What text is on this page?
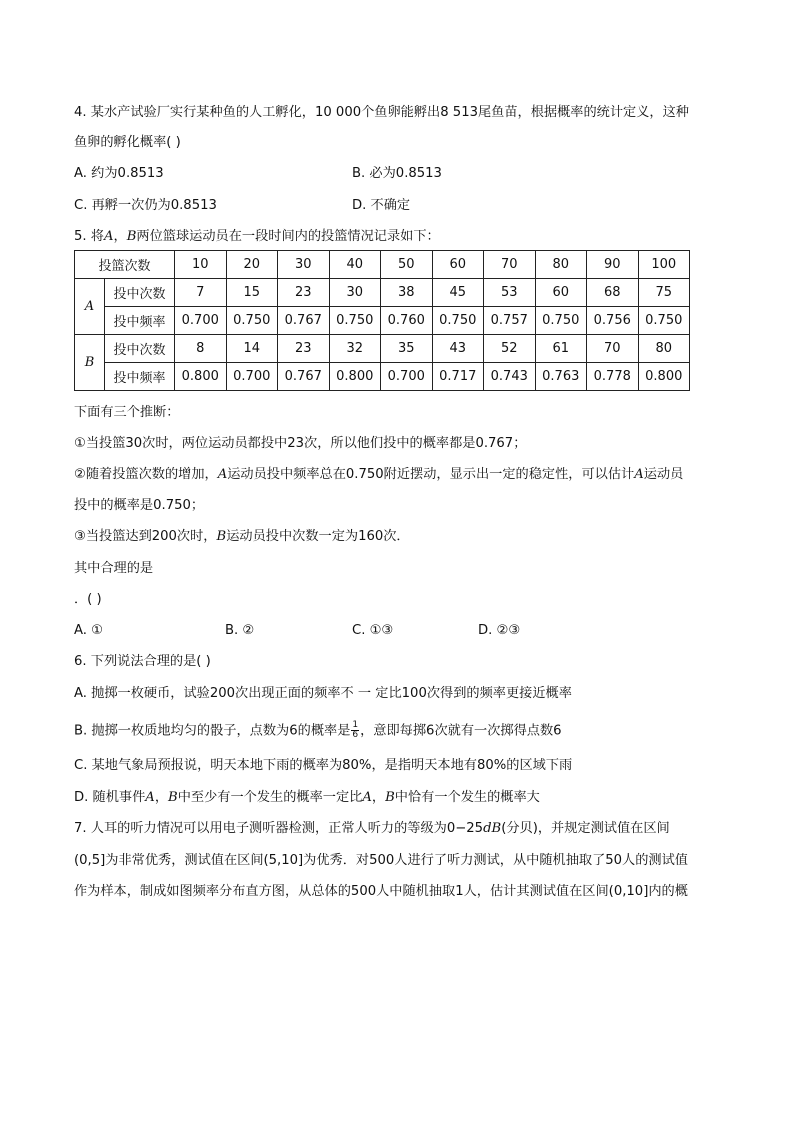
4. 某水产试验厂实行某种鱼的人工孵化，10 000个鱼卵能孵出8 513尾鱼苗，根据概率的统计定义，这种
鱼卵的孵化概率( )
A. 约为0.8513	B. 必为0.8513
C. 再孵一次仍为0.8513	D. 不确定
5. 将A，B两位篮球运动员在一段时间内的投篮情况记录如下：
投篮次数		10	20	30	40	50	60	70	80	90	100
A	投中次数	7	15	23	30	38	45	53	60	68	75
	投中频率	0.700	0.750	0.767	0.750	0.760	0.750	0.757	0.750	0.756	0.750
B	投中次数	8	14	23	32	35	43	52	61	70	80
	投中频率	0.800	0.700	0.767	0.800	0.700	0.717	0.743	0.763	0.778	0.800
下面有三个推断：
①当投篮30次时，两位运动员都投中23次，所以他们投中的概率都是0.767；
②随着投篮次数的增加，A运动员投中频率总在0.750附近摆动，显示出一定的稳定性，可以估计A运动员
投中的概率是0.750；
③当投篮达到200次时，B运动员投中次数一定为160次．
其中合理的是
．( )
A. ①	B. ②	C. ①③	D. ②③
6. 下列说法合理的是( )
A. 抛掷一枚硬币，试验200次出现正面的频率不 一 定比100次得到的频率更接近概率
B. 抛掷一枚质地均匀的骰子，点数为6的概率是 $\frac{1}{6}$ ，意即每掷6次就有一次掷得点数6
C. 某地气象局预报说，明天本地下雨的概率为80%，是指明天本地有80%的区域下雨
D. 随机事件A，B中至少有一个发生的概率一定比A，B中恰有一个发生的概率大
7. 人耳的听力情况可以用电子测听器检测，正常人听力的等级为0−25dB(分贝)，并规定测试值在区间
(0,5]为非常优秀，测试值在区间(5,10]为优秀．对500人进行了听力测试，从中随机抽取了50人的测试值
作为样本，制成如图频率分布直方图，从总体的500人中随机抽取1人，估计其测试值在区间(0,10]内的概
